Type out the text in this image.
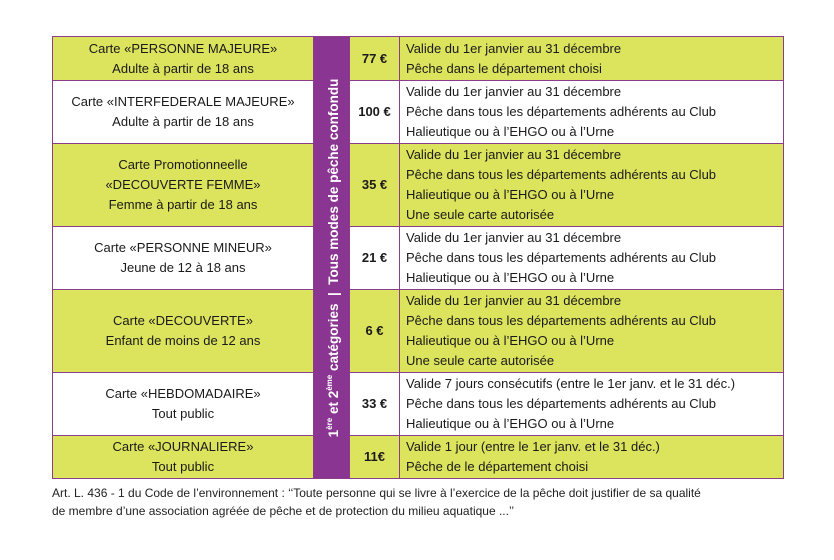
Carte «PERSONNE MAJEURE»
Adulte à partir de 18 ans	1ère et 2ème catégories  |  Tous modes de pêche confondu	77 €	Valide du 1er janvier au 31 décembre
Pêche dans le département choisi

Carte «INTERFEDERALE MAJEURE»
Adulte à partir de 18 ans		100 €	Valide du 1er janvier au 31 décembre
Pêche dans tous les départements adhérents au Club
Halieutique ou à l’EHGO ou à l’Urne

Carte Promotionneelle
«DECOUVERTE FEMME»
Femme à partir de 18 ans		35 €	Valide du 1er janvier au 31 décembre
Pêche dans tous les départements adhérents au Club
Halieutique ou à l’EHGO ou à l’Urne
Une seule carte autorisée

Carte «PERSONNE MINEUR»
Jeune de 12 à 18 ans		21 €	Valide du 1er janvier au 31 décembre
Pêche dans tous les départements adhérents au Club
Halieutique ou à l’EHGO ou à l’Urne

Carte «DECOUVERTE»
Enfant de moins de 12 ans		6 €	Valide du 1er janvier au 31 décembre
Pêche dans tous les départements adhérents au Club
Halieutique ou à l’EHGO ou à l’Urne
Une seule carte autorisée

Carte «HEBDOMADAIRE»
Tout public		33 €	Valide 7 jours consécutifs (entre le 1er janv. et le 31 déc.)
Pêche dans tous les départements adhérents au Club
Halieutique ou à l’EHGO ou à l’Urne

Carte «JOURNALIERE»
Tout public		11€	Valide 1 jour (entre le 1er janv. et le 31 déc.)
Pêche de le département choisi
Art. L. 436 - 1 du Code de l’environnement : ‘‘Toute personne qui se livre à l’exercice de la pêche doit justifier de sa qualité
de membre d’une association agréée de pêche et de protection du milieu aquatique ...’’
